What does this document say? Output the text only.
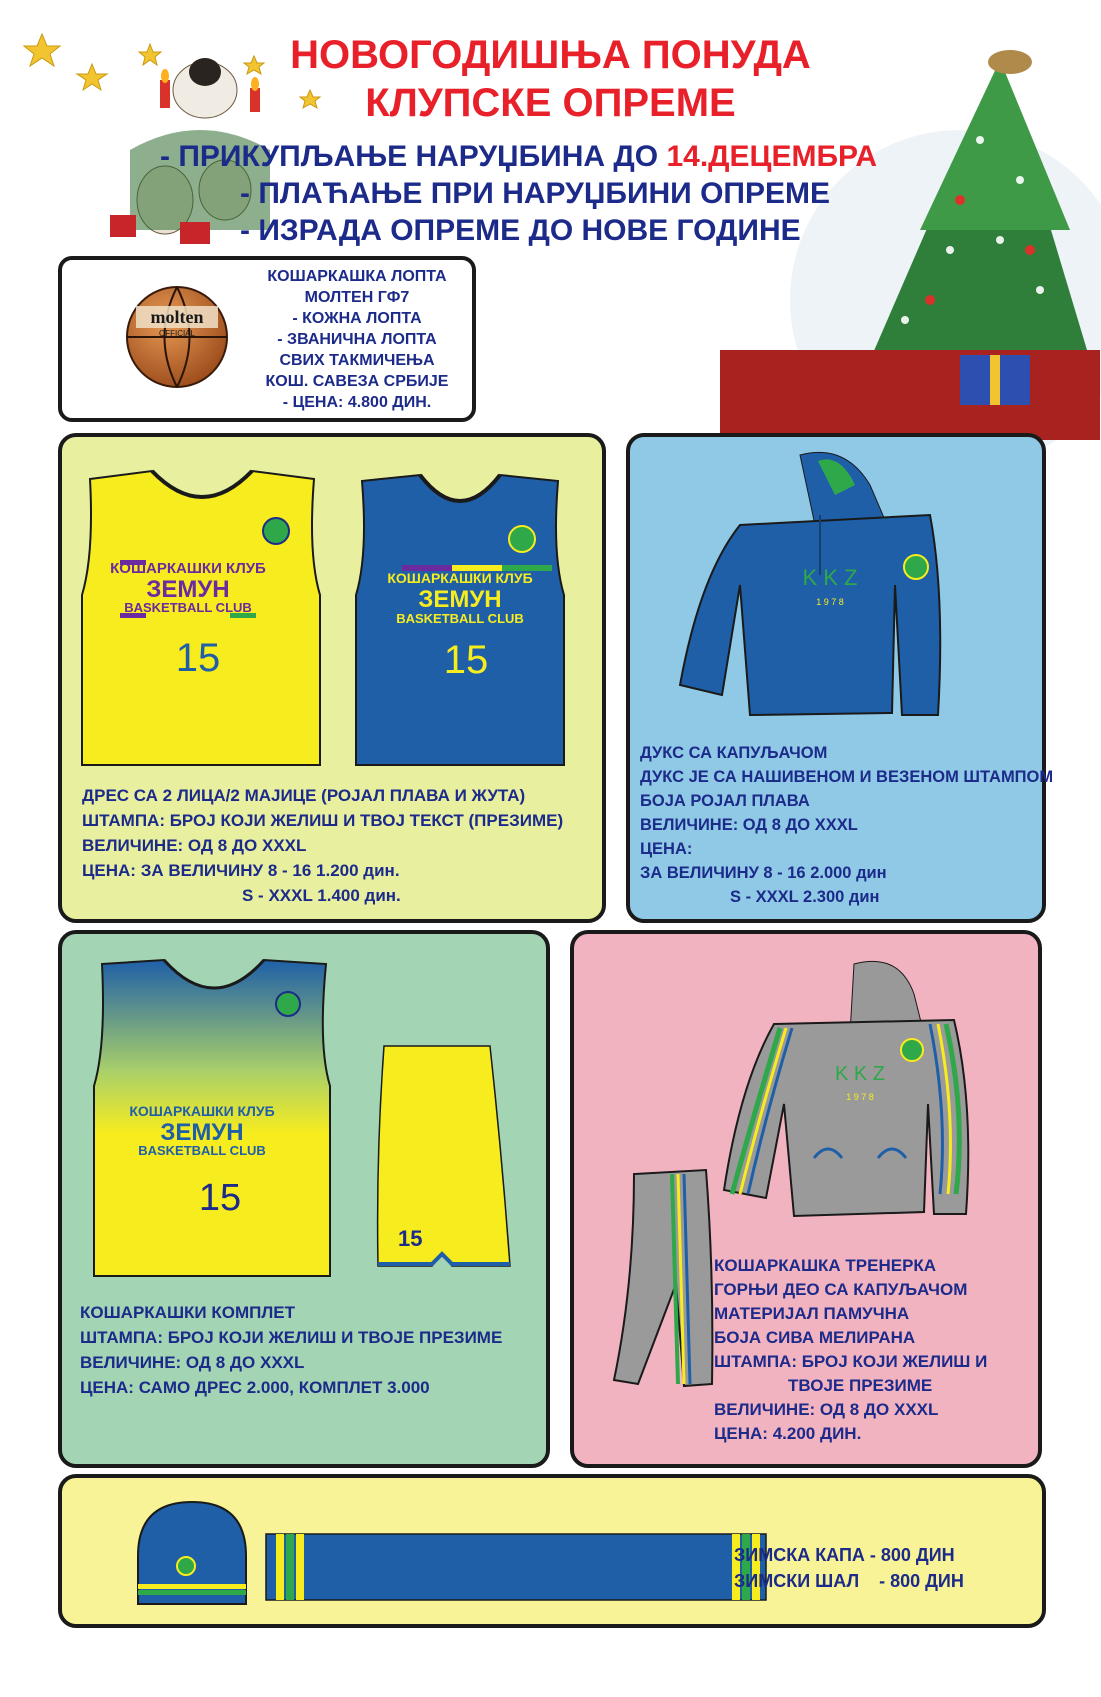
НОВОГОДИШЊА ПОНУДА
КЛУПСКЕ ОПРЕМЕ
- ПРИКУПЉАЊЕ НАРУЏБИНА ДО 14.ДЕЦЕМБРА
- ПЛАЋАЊЕ ПРИ НАРУЏБИНИ ОПРЕМЕ
- ИЗРАДА ОПРЕМЕ ДО НОВЕ ГОДИНЕ
molten
OFFICIAL
КОШАРКАШКА ЛОПТА
МОЛТЕН ГФ7
- КОЖНА ЛОПТА
- ЗВАНИЧНА ЛОПТА
СВИХ ТАКМИЧЕЊА
КОШ. САВЕЗА СРБИЈЕ
- ЦЕНА: 4.800 ДИН.
КОШАРКАШКИ КЛУБ
ЗЕМУН
BASKETBALL CLUB
15
КОШАРКАШКИ КЛУБ
ЗЕМУН
BASKETBALL CLUB
15
ДРЕС СА 2 ЛИЦА/2 МАЈИЦЕ (РОЈАЛ ПЛАВА И ЖУТА)
ШТАМПА: БРОЈ КОЈИ ЖЕЛИШ И ТВОЈ ТЕКСТ (ПРЕЗИМЕ)
ВЕЛИЧИНЕ: ОД 8 ДО XXXL
ЦЕНА: ЗА ВЕЛИЧИНУ 8 - 16 1.200 дин.
S - XXXL 1.400 дин.
K K Z
1 9 7 8
ДУКС СА КАПУЉАЧОМ
ДУКС ЈЕ СА НАШИВЕНОМ И ВЕЗЕНОМ ШТАМПОМ
БОЈА РОЈАЛ ПЛАВА
ВЕЛИЧИНЕ: ОД 8 ДО XXXL
ЦЕНА:
ЗА ВЕЛИЧИНУ 8 - 16 2.000 дин
S - XXXL 2.300 дин
КОШАРКАШКИ КЛУБ
ЗЕМУН
BASKETBALL CLUB
15
15
КОШАРКАШКИ КОМПЛЕТ
ШТАМПА: БРОЈ КОЈИ ЖЕЛИШ И ТВОЈЕ ПРЕЗИМЕ
ВЕЛИЧИНЕ: ОД 8 ДО XXXL
ЦЕНА: САМО ДРЕС 2.000, КОМПЛЕТ 3.000
K K Z
1 9 7 8
КОШАРКАШКА ТРЕНЕРКА
ГОРЊИ ДЕО СА КАПУЉАЧОМ
МАТЕРИЈАЛ ПАМУЧНА
БОЈА СИВА МЕЛИРАНА
ШТАМПА: БРОЈ КОЈИ ЖЕЛИШ И
ТВОЈЕ ПРЕЗИМЕ
ВЕЛИЧИНЕ: ОД 8 ДО XXXL
ЦЕНА: 4.200 ДИН.
ЗИМСКА КАПА - 800 ДИН
ЗИМСКИ ШАЛ    - 800 ДИН
